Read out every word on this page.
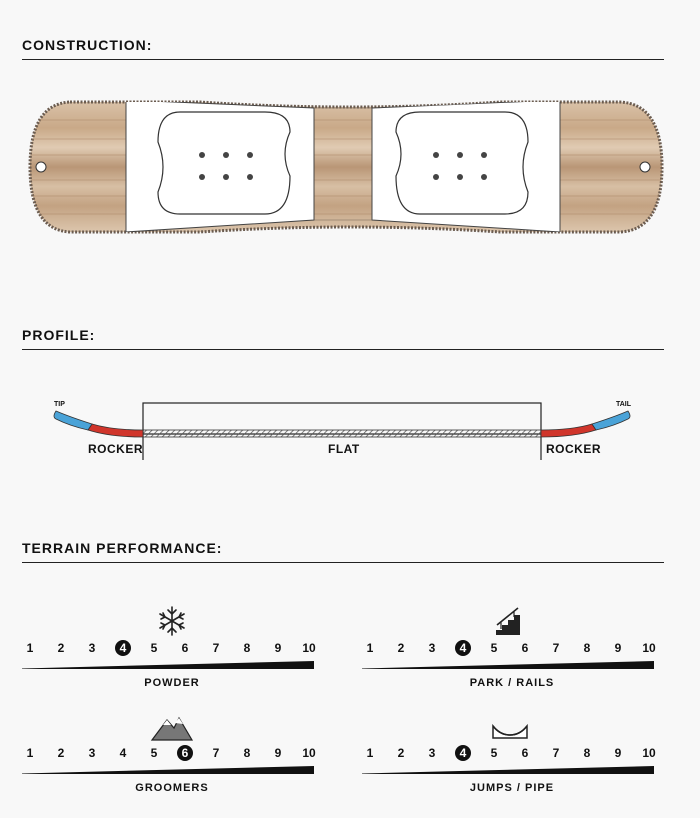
CONSTRUCTION:
PROFILE:
TIP	TAIL
ROCKER	FLAT	ROCKER
TERRAIN PERFORMANCE:
1	2	3	4	5	6	7	8	9	10
POWDER
1	2	3	4	5	6	7	8	9	10
PARK / RAILS
1	2	3	4	5	6	7	8	9	10
GROOMERS
1	2	3	4	5	6	7	8	9	10
JUMPS / PIPE
